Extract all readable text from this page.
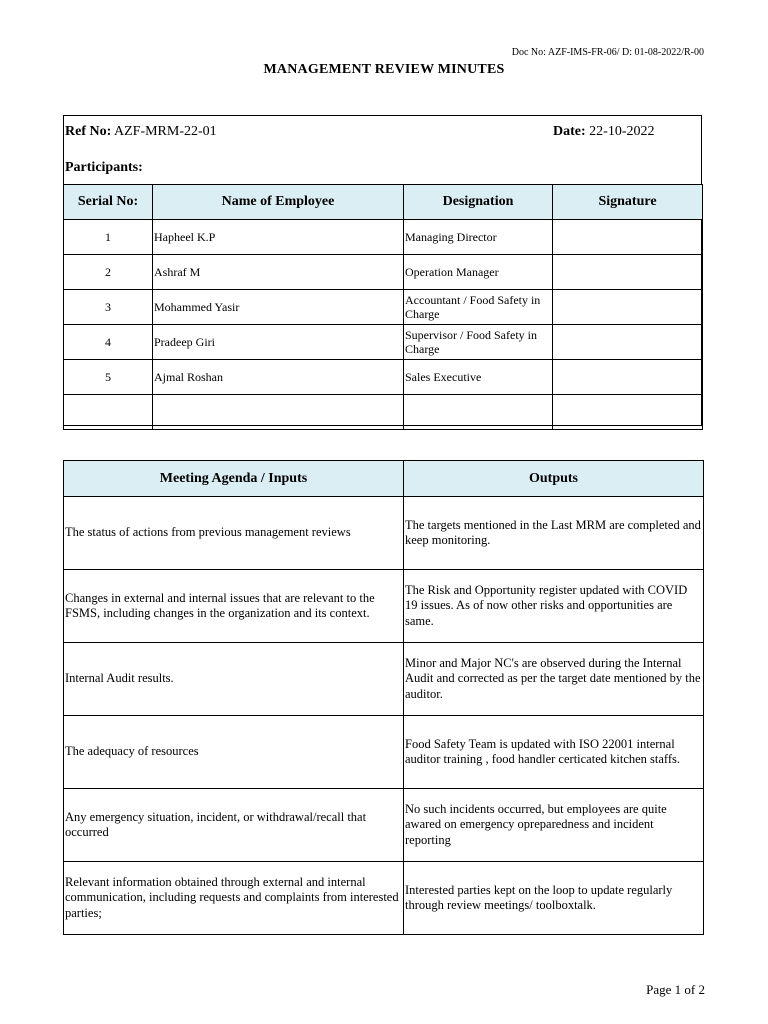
Doc No: AZF-IMS-FR-06/ D: 01-08-2022/R-00
MANAGEMENT REVIEW MINUTES
Ref No: AZF-MRM-22-01	Date: 22-10-2022
Participants:
Serial No:	Name of Employee	Designation	Signature
1	Hapheel K.P	Managing Director	
2	Ashraf M	Operation Manager	
3	Mohammed Yasir	Accountant / Food Safety in Charge	
4	Pradeep Giri	Supervisor / Food Safety in Charge	
5	Ajmal Roshan	Sales Executive	

Meeting Agenda / Inputs	Outputs
The status of actions from previous management reviews	The targets mentioned in the Last MRM are completed and keep monitoring.
Changes in external and internal issues that are relevant to the FSMS, including changes in the organization and its context.	The Risk and Opportunity register updated with COVID 19 issues. As of now other risks and opportunities are same.
Internal Audit results.	Minor and Major NC's are observed during the Internal Audit and corrected as per the target date mentioned by the auditor.
The adequacy of resources	Food Safety Team is updated with ISO 22001 internal auditor training , food handler certicated kitchen staffs.
Any emergency situation, incident, or withdrawal/recall that occurred	No such incidents occurred, but employees are quite awared on emergency opreparedness and incident reporting
Relevant information obtained through external and internal communication, including requests and complaints from interested parties;	Interested parties kept on the loop to update regularly through review meetings/ toolboxtalk.
Page 1 of 2
